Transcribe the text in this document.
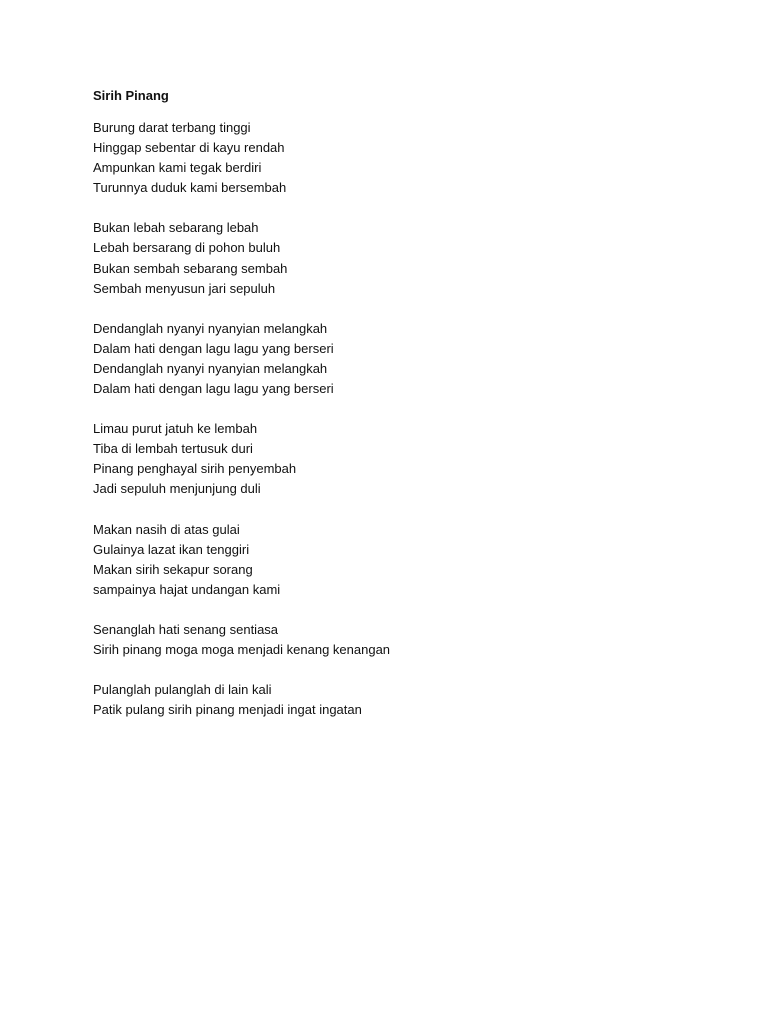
Sirih Pinang
Burung darat terbang tinggi
Hinggap sebentar di kayu rendah
Ampunkan kami tegak berdiri
Turunnya duduk kami bersembah
Bukan lebah sebarang lebah
Lebah bersarang di pohon buluh
Bukan sembah sebarang sembah
Sembah menyusun jari sepuluh
Dendanglah nyanyi nyanyian melangkah
Dalam hati dengan lagu lagu yang berseri
Dendanglah nyanyi nyanyian melangkah
Dalam hati dengan lagu lagu yang berseri
Limau purut jatuh ke lembah
Tiba di lembah tertusuk duri
Pinang penghayal sirih penyembah
Jadi sepuluh menjunjung duli
Makan nasih di atas gulai
Gulainya lazat ikan tenggiri
Makan sirih sekapur sorang
sampainya hajat undangan kami
Senanglah hati senang sentiasa
Sirih pinang moga moga menjadi kenang kenangan
Pulanglah pulanglah di lain kali
Patik pulang sirih pinang menjadi ingat ingatan
